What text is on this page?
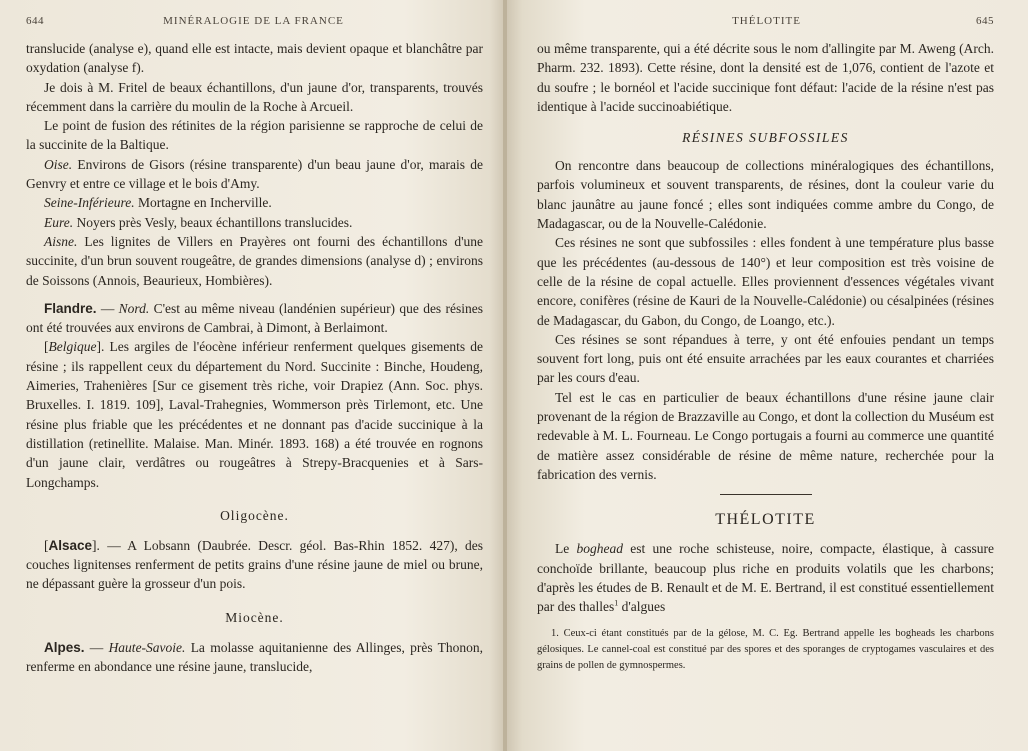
644	MINÉRALOGIE DE LA FRANCE

translucide (analyse e), quand elle est intacte, mais devient opaque et blanchâtre par oxydation (analyse f).

Je dois à M. Fritel de beaux échantillons, d'un jaune d'or, transparents, trouvés récemment dans la carrière du moulin de la Roche à Arcueil.

Le point de fusion des rétinites de la région parisienne se rapproche de celui de la succinite de la Baltique.

Oise. Environs de Gisors (résine transparente) d'un beau jaune d'or, marais de Genvry et entre ce village et le bois d'Amy.

Seine-Inférieure. Mortagne en Incherville.

Eure. Noyers près Vesly, beaux échantillons translucides.

Aisne. Les lignites de Villers en Prayères ont fourni des échantillons d'une succinite, d'un brun souvent rougeâtre, de grandes dimensions (analyse d) ; environs de Soissons (Annois, Beaurieux, Hombières).

Flandre. — Nord. C'est au même niveau (landénien supérieur) que des résines ont été trouvées aux environs de Cambrai, à Dimont, à Berlaimont.

[Belgique]. Les argiles de l'éocène inférieur renferment quelques gisements de résine ; ils rappellent ceux du département du Nord. Succinite : Binche, Houdeng, Aimeries, Trahenières [Sur ce gisement très riche, voir Drapiez (Ann. Soc. phys. Bruxelles. I. 1819. 109], Laval-Trahegnies, Wommerson près Tirlemont, etc. Une résine plus friable que les précédentes et ne donnant pas d'acide succinique à la distillation (retinellite. Malaise. Man. Minér. 1893. 168) a été trouvée en rognons d'un jaune clair, verdâtres ou rougeâtres à Strepy-Bracquenies et à Sars-Longchamps.

Oligocène.

[Alsace]. — A Lobsann (Daubrée. Descr. géol. Bas-Rhin 1852. 427), des couches lignitenses renferment de petits grains d'une résine jaune de miel ou brune, ne dépassant guère la grosseur d'un pois.

Miocène.

Alpes. — Haute-Savoie. La molasse aquitanienne des Allinges, près Thonon, renferme en abondance une résine jaune, translucide,

THÉLOTITE	645

ou même transparente, qui a été décrite sous le nom d'allingite par M. Aweng (Arch. Pharm. 232. 1893). Cette résine, dont la densité est de 1,076, contient de l'azote et du soufre ; le bornéol et l'acide succinique font défaut: l'acide de la résine n'est pas identique à l'acide succinoabiétique.

RÉSINES SUBFOSSILES

On rencontre dans beaucoup de collections minéralogiques des échantillons, parfois volumineux et souvent transparents, de résines, dont la couleur varie du blanc jaunâtre au jaune foncé ; elles sont indiquées comme ambre du Congo, de Madagascar, ou de la Nouvelle-Calédonie.

Ces résines ne sont que subfossiles : elles fondent à une température plus basse que les précédentes (au-dessous de 140°) et leur composition est très voisine de celle de la résine de copal actuelle. Elles proviennent d'essences végétales vivant encore, conifères (résine de Kauri de la Nouvelle-Calédonie) ou césalpinées (résines de Madagascar, du Gabon, du Congo, de Loango, etc.).

Ces résines se sont répandues à terre, y ont été enfouies pendant un temps souvent fort long, puis ont été ensuite arrachées par les eaux courantes et charriées par les cours d'eau.

Tel est le cas en particulier de beaux échantillons d'une résine jaune clair provenant de la région de Brazzaville au Congo, et dont la collection du Muséum est redevable à M. L. Fourneau. Le Congo portugais a fourni au commerce une quantité de matière assez considérable de résine de même nature, recherchée pour la fabrication des vernis.

THÉLOTITE

Le boghead est une roche schisteuse, noire, compacte, élastique, à cassure conchoïde brillante, beaucoup plus riche en produits volatils que les charbons; d'après les études de B. Renault et de M. E. Bertrand, il est constitué essentiellement par des thalles$^1$ d'algues

1. Ceux-ci étant constitués par de la gélose, M. C. Eg. Bertrand appelle les bogheads les charbons gélosiques. Le cannel-coal est constitué par des spores et des sporanges de cryptogames vasculaires et des grains de pollen de gymnospermes.
